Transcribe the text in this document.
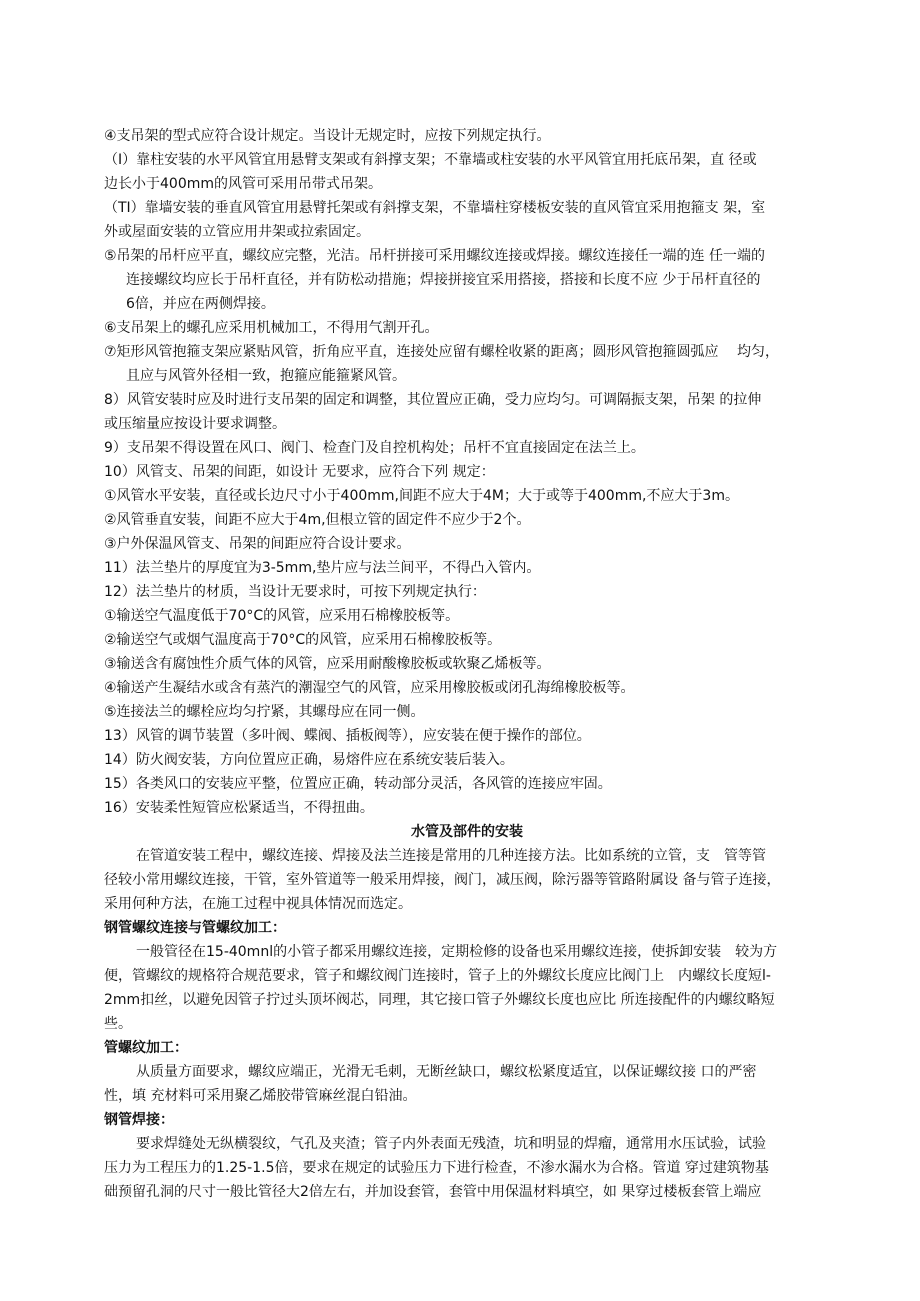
④支吊架的型式应符合设计规定。当设计无规定时，应按下列规定执行。
（I）靠柱安装的水平风管宜用悬臂支架或有斜撑支架；不靠墙或柱安装的水平风管宜用托底吊架，直 径或
边长小于400mm的风管可采用吊带式吊架。
（TI）靠墙安装的垂直风管宜用悬臂托架或有斜撑支架，不靠墙柱穿楼板安装的直风管宜采用抱箍支 架，室
外或屋面安装的立管应用井架或拉索固定。
⑤吊架的吊杆应平直，螺纹应完整，光洁。吊杆拼接可采用螺纹连接或焊接。螺纹连接任一端的连 任一端的
连接螺纹均应长于吊杆直径，并有防松动措施；焊接拼接宜采用搭接，搭接和长度不应 少于吊杆直径的
6倍，并应在两侧焊接。
⑥支吊架上的螺孔应采用机械加工，不得用气割开孔。
⑦矩形风管抱箍支架应紧贴风管，折角应平直，连接处应留有螺栓收紧的距离；圆形风管抱箍圆弧应　 均匀，
且应与风管外径相一致，抱箍应能箍紧风管。
8）风管安装时应及时进行支吊架的固定和调整，其位置应正确，受力应均匀。可调隔振支架，吊架 的拉伸
或压缩量应按设计要求调整。
9）支吊架不得设置在风口、阀门、检查门及自控机构处；吊杆不宜直接固定在法兰上。
10）风管支、吊架的间距，如设计 无要求，应符合下列 规定：
①风管水平安装，直径或长边尺寸小于400mm,间距不应大于4M；大于或等于400mm,不应大于3m。
②风管垂直安装，间距不应大于4m,但根立管的固定件不应少于2个。
③户外保温风管支、吊架的间距应符合设计要求。
11）法兰垫片的厚度宜为3-5mm,垫片应与法兰间平，不得凸入管内。
12）法兰垫片的材质，当设计无要求时，可按下列规定执行：
①输送空气温度低于70°C的风管，应采用石棉橡胶板等。
②输送空气或烟气温度高于70°C的风管，应采用石棉橡胶板等。
③输送含有腐蚀性介质气体的风管，应采用耐酸橡胶板或软聚乙烯板等。
④输送产生凝结水或含有蒸汽的潮湿空气的风管，应采用橡胶板或闭孔海绵橡胶板等。
⑤连接法兰的螺栓应均匀拧紧，其螺母应在同一侧。
13）风管的调节装置（多叶阀、蝶阀、插板阀等），应安装在便于操作的部位。
14）防火阀安装，方向位置应正确，易熔件应在系统安装后装入。
15）各类风口的安装应平整，位置应正确，转动部分灵活，各风管的连接应牢固。
16）安装柔性短管应松紧适当，不得扭曲。
水管及部件的安装
在管道安装工程中，螺纹连接、焊接及法兰连接是常用的几种连接方法。比如系统的立管，支　管等管
径较小常用螺纹连接，干管，室外管道等一般采用焊接，阀门，减压阀，除污器等管路附属设 备与管子连接，
采用何种方法，在施工过程中视具体情况而选定。
钢管螺纹连接与管螺纹加工：
一般管径在15-40mnl的小管子都采用螺纹连接，定期检修的设备也采用螺纹连接，使拆卸安装　较为方
便，管螺纹的规格符合规范要求，管子和螺纹阀门连接时，管子上的外螺纹长度应比阀门上　内螺纹长度短l-
2mm扣丝，以避免因管子拧过头顶坏阀芯，同理，其它接口管子外螺纹长度也应比 所连接配件的内螺纹略短
些。
管螺纹加工：
从质量方面要求，螺纹应端正，光滑无毛刺，无断丝缺口，螺纹松紧度适宜，以保证螺纹接 口的严密
性，填 充材料可采用聚乙烯胶带管麻丝混白铅油。
钢管焊接：
要求焊缝处无纵横裂纹，气孔及夹渣；管子内外表面无残渣，坑和明显的焊瘤，通常用水压试验，试验
压力为工程压力的1.25-1.5倍，要求在规定的试验压力下进行检查，不渗水漏水为合格。管道 穿过建筑物基
础预留孔洞的尺寸一般比管径大2倍左右，并加设套管，套管中用保温材料填空，如 果穿过楼板套管上端应
